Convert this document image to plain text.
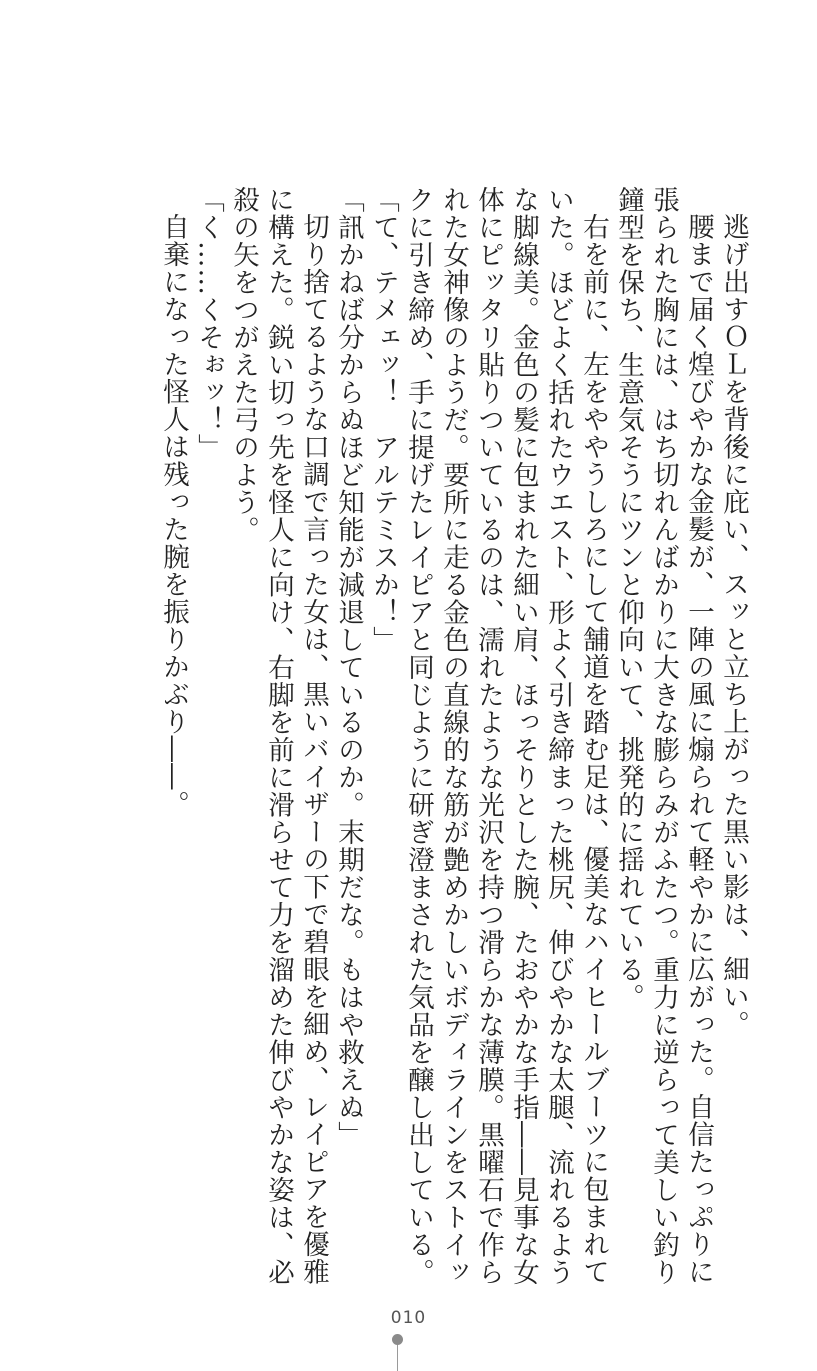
逃げ出すＯＬを背後に庇い、スッと立ち上がった黒い影は、細い。
腰まで届く煌びやかな金髪が、一陣の風に煽られて軽やかに広がった。自信たっぷりに
張られた胸には、はち切れんばかりに大きな膨らみがふたつ。重力に逆らって美しい釣り
鐘型を保ち、生意気そうにツンと仰向いて、挑発的に揺れている。
右を前に、左をややうしろにして舗道を踏む足は、優美なハイヒールブーツに包まれて
いた。ほどよく括れたウエスト、形よく引き締まった桃尻、伸びやかな太腿、流れるよう
な脚線美。金色の髪に包まれた細い肩、ほっそりとした腕、たおやかな手指――見事な女
体にピッタリ貼りついているのは、濡れたような光沢を持つ滑らかな薄膜。黒曜石で作ら
れた女神像のようだ。要所に走る金色の直線的な筋が艶めかしいボディラインをストイッ
クに引き締め、手に提げたレイピアと同じように研ぎ澄まされた気品を醸し出している。
「て、テメェッ！　アルテミスか！」
「訊かねば分からぬほど知能が減退しているのか。末期だな。もはや救えぬ」
切り捨てるような口調で言った女は、黒いバイザーの下で碧眼を細め、レイピアを優雅
に構えた。鋭い切っ先を怪人に向け、右脚を前に滑らせて力を溜めた伸びやかな姿は、必
殺の矢をつがえた弓のよう。
「く……くそぉッ！」
自棄になった怪人は残った腕を振りかぶり――。
010
